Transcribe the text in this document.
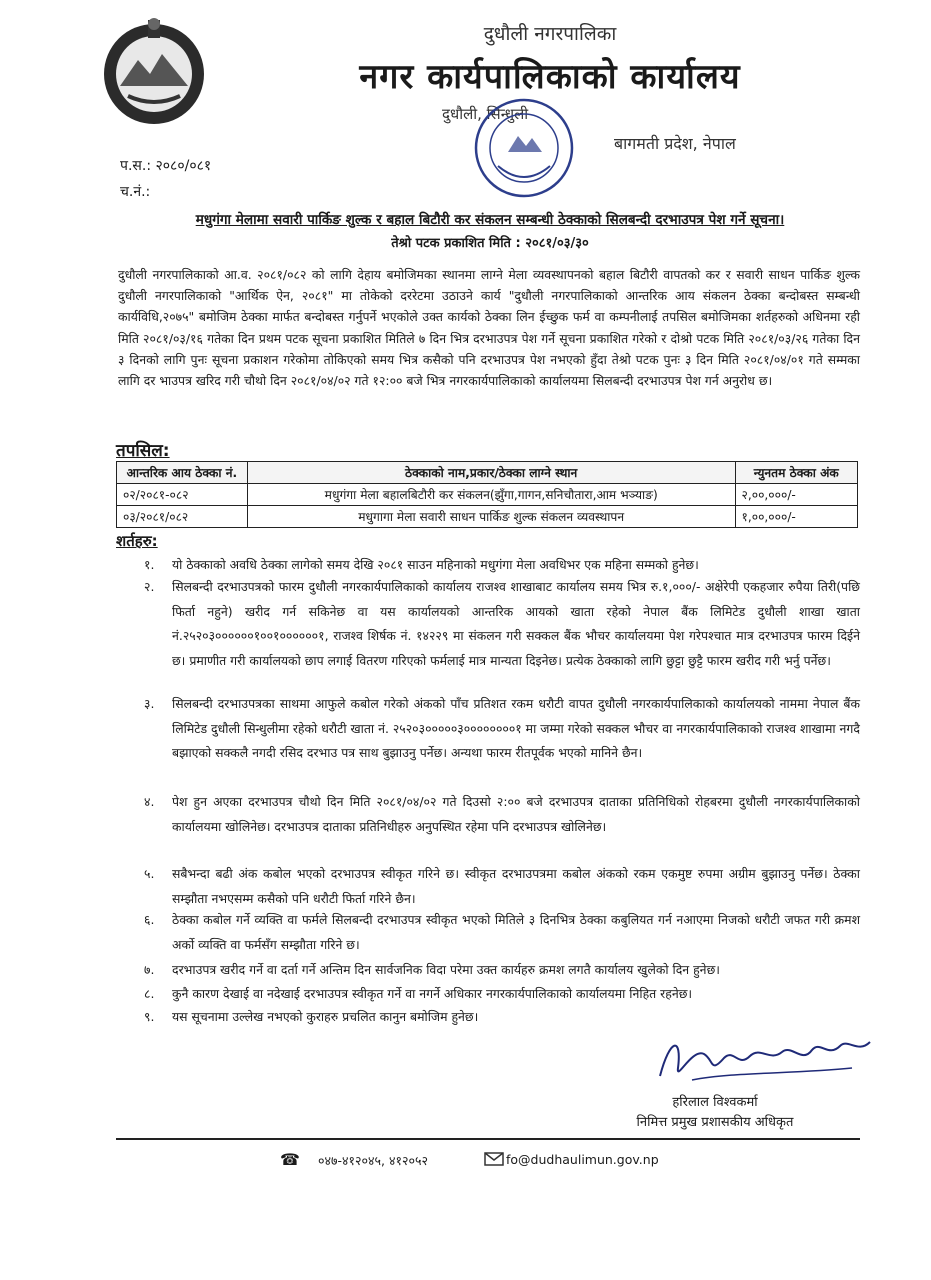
दुधौली नगरपालिका
नगर कार्यपालिकाको कार्यालय
दुधौली, सिन्धुली
बागमती प्रदेश, नेपाल
प.स.: २०८०/०८१
च.नं.:
मधुगंगा मेलामा सवारी पार्किङ शुल्क र बहाल बिटौरी कर संकलन सम्बन्धी ठेक्काको सिलबन्दी दरभाउपत्र पेश गर्ने सूचना।
तेश्रो पटक प्रकाशित मिति : २०८१/०३/३०
दुधौली नगरपालिकाको आ.व. २०८१/०८२ को लागि देहाय बमोजिमका स्थानमा लाग्ने मेला व्यवस्थापनको बहाल बिटौरी वापतको कर र सवारी साधन पार्किङ शुल्क दुधौली नगरपालिकाको "आर्थिक ऐन, २०८१" मा तोकेको दररेटमा उठाउने कार्य "दुधौली नगरपालिकाको आन्तरिक आय संकलन ठेक्का बन्दोबस्त सम्बन्धी कार्यविधि,२०७५" बमोजिम ठेक्का मार्फत बन्दोबस्त गर्नुपर्ने भएकोले उक्त कार्यको ठेक्का लिन ईच्छुक फर्म वा कम्पनीलाई तपसिल बमोजिमका शर्तहरुको अधिनमा रही मिति २०८१/०३/१६ गतेका दिन प्रथम पटक सूचना प्रकाशित मितिले ७ दिन भित्र दरभाउपत्र पेश गर्ने सूचना प्रकाशित गरेको र दोश्रो पटक मिति २०८१/०३/२६ गतेका दिन ३ दिनको लागि पुनः सूचना प्रकाशन गरेकोमा तोकिएको समय भित्र कसैको पनि दरभाउपत्र पेश नभएको हुँदा तेश्रो पटक पुनः ३ दिन मिति २०८१/०४/०१ गते सम्मका लागि दर भाउपत्र खरिद गरी चौथो दिन २०८१/०४/०२ गते १२:०० बजे भित्र नगरकार्यपालिकाको कार्यालयमा सिलबन्दी दरभाउपत्र पेश गर्न अनुरोध छ।
तपसिल:
आन्तरिक आय ठेक्का नं.	ठेक्काको नाम,प्रकार/ठेक्का लाग्ने स्थान	न्युनतम ठेक्का अंक
०२/२०८१-०८२	मधुगंगा मेला बहालबिटौरी कर संकलन(झुँगा,गागन,सनिचौतारा,आम भञ्याङ)	२,००,०००/-
०३/२०८१/०८२	मधुगागा मेला सवारी साधन पार्किङ शुल्क संकलन व्यवस्थापन	१,००,०००/-
शर्तहरु:
१.	यो ठेक्काको अवधि ठेक्का लागेको समय देखि २०८१ साउन महिनाको मधुगंगा मेला अवधिभर एक महिना सम्मको हुनेछ।
२.	सिलबन्दी दरभाउपत्रको फारम दुधौली नगरकार्यपालिकाको कार्यालय राजश्व शाखाबाट कार्यालय समय भित्र रु.१,०००/- अक्षेरेपी एकहजार रुपैया तिरी(पछि फिर्ता नहुने) खरीद गर्न सकिनेछ वा यस कार्यालयको आन्तरिक आयको खाता रहेको नेपाल बैंक लिमिटेड दुधौली शाखा खाता नं.२५२०३००००००१००१००००००१, राजश्व शिर्षक नं. १४२२९ मा संकलन गरी सक्कल बैंक भौचर कार्यालयमा पेश गरेपश्चात मात्र दरभाउपत्र फारम दिईने छ। प्रमाणीत गरी कार्यालयको छाप लगाई वितरण गरिएको फर्मलाई मात्र मान्यता दिइनेछ। प्रत्येक ठेक्काको लागि छुट्टा छुट्टै फारम खरीद गरी भर्नु पर्नेछ।
३.	सिलबन्दी दरभाउपत्रका साथमा आफुले कबोल गरेको अंकको पाँच प्रतिशत रकम धरौटी वापत दुधौली नगरकार्यपालिकाको कार्यालयको नाममा नेपाल बैंक लिमिटेड दुधौली सिन्धुलीमा रहेको धरौटी खाता नं. २५२०३०००००३००००००००१ मा जम्मा गरेको सक्कल भौचर वा नगरकार्यपालिकाको राजश्व शाखामा नगदै बझाएको सक्कलै नगदी रसिद दरभाउ पत्र साथ बुझाउनु पर्नेछ। अन्यथा फारम रीतपूर्वक भएको मानिने छैन।
४.	पेश हुन अएका दरभाउपत्र चौथो दिन मिति २०८१/०४/०२ गते दिउसो २:०० बजे दरभाउपत्र दाताका प्रतिनिधिको रोहबरमा दुधौली नगरकार्यपालिकाको कार्यालयमा खोलिनेछ। दरभाउपत्र दाताका प्रतिनिधीहरु अनुपस्थित रहेमा पनि दरभाउपत्र खोलिनेछ।
५.	सबैभन्दा बढी अंक कबोल भएको दरभाउपत्र स्वीकृत गरिने छ। स्वीकृत दरभाउपत्रमा कबोल अंकको रकम एकमुष्ट रुपमा अग्रीम बुझाउनु पर्नेछ। ठेक्का सम्झौता नभएसम्म कसैको पनि धरौटी फिर्ता गरिने छैन।
६.	ठेक्का कबोल गर्ने व्यक्ति वा फर्मले सिलबन्दी दरभाउपत्र स्वीकृत भएको मितिले ३ दिनभित्र ठेक्का कबुलियत गर्न नआएमा निजको धरौटी जफत गरी क्रमश अर्को व्यक्ति वा फर्मसँग सम्झौता गरिने छ।
७.	दरभाउपत्र खरीद गर्ने वा दर्ता गर्ने अन्तिम दिन सार्वजनिक विदा परेमा उक्त कार्यहरु क्रमश लगतै कार्यालय खुलेको दिन हुनेछ।
८.	कुनै कारण देखाई वा नदेखाई दरभाउपत्र स्वीकृत गर्ने वा नगर्ने अधिकार नगरकार्यपालिकाको कार्यालयमा निहित रहनेछ।
९.	यस सूचनामा उल्लेख नभएको कुराहरु प्रचलित कानुन बमोजिम हुनेछ।
हरिलाल विश्वकर्मा
निमित्त प्रमुख प्रशासकीय अधिकृत
☎ ०४७-४१२०४५, ४१२०५२	fo@dudhaulimun.gov.np
